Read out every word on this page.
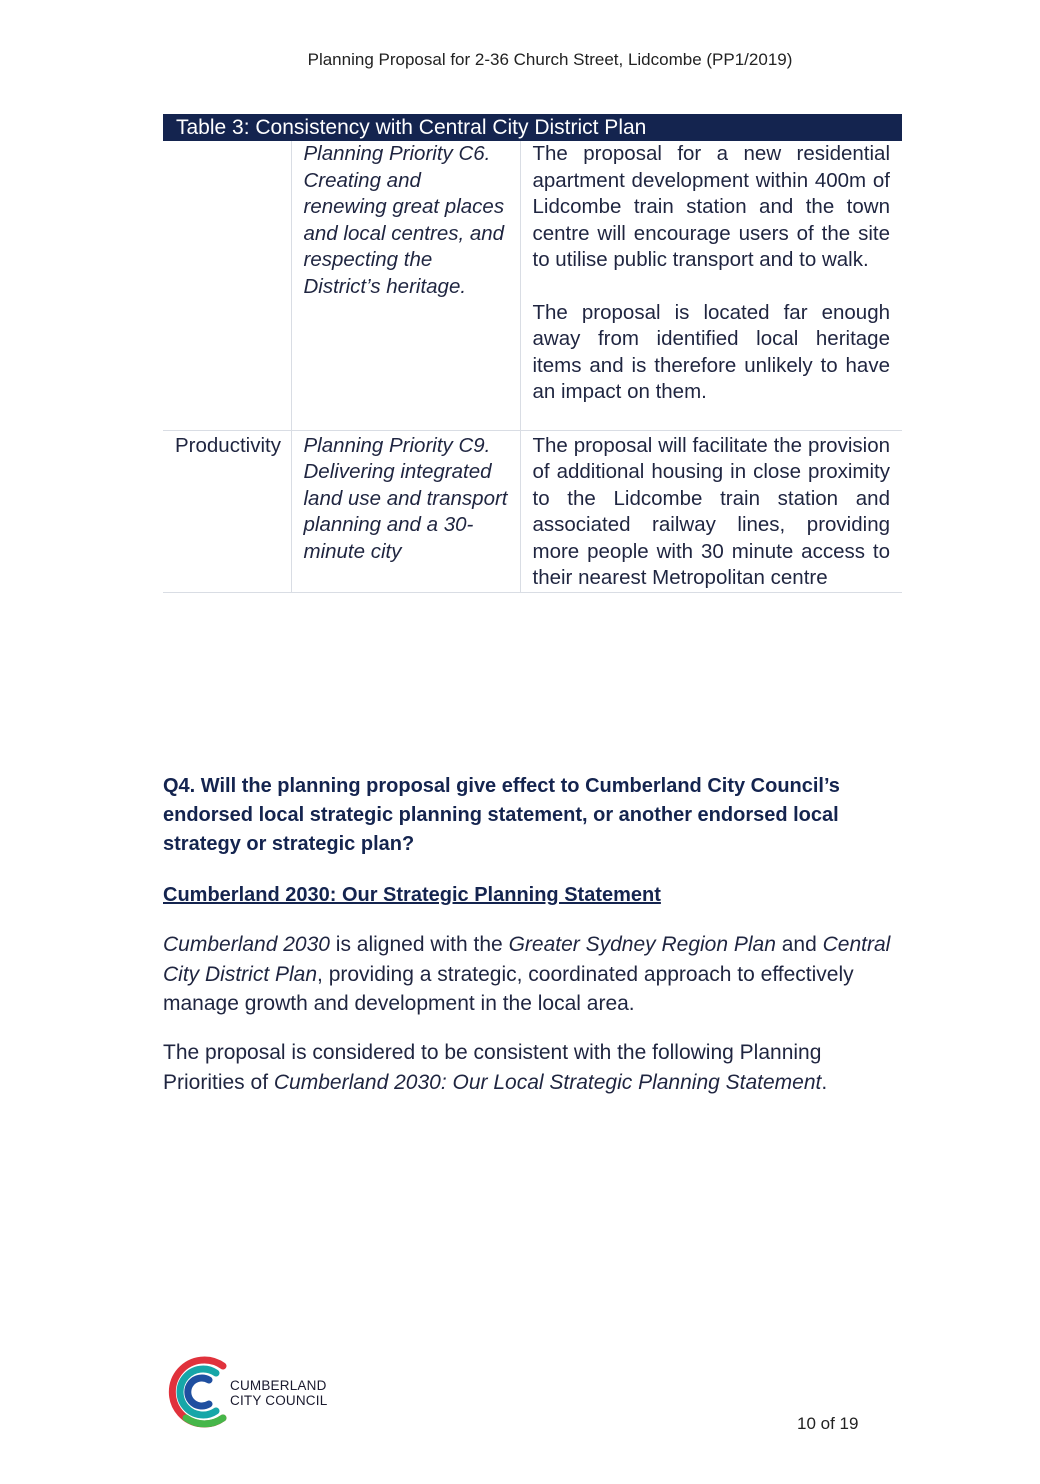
Planning Proposal for 2-36 Church Street, Lidcombe (PP1/2019)
Table 3: Consistency with Central City District Plan		
	Planning Priority C6. Creating and renewing great places and local centres, and respecting the District’s heritage.	The proposal for a new residential apartment development within 400m of Lidcombe train station and the town centre will encourage users of the site to utilise public transport and to walk.

The proposal is located far enough away from identified local heritage items and is therefore unlikely to have an impact on them.

Productivity	Planning Priority C9. Delivering integrated land use and transport planning and a 30-minute city	The proposal will facilitate the provision of additional housing in close proximity to the Lidcombe train station and associated railway lines, providing more people with 30 minute access to their nearest Metropolitan centre

Q4. Will the planning proposal give effect to Cumberland City Council’s endorsed local strategic planning statement, or another endorsed local strategy or strategic plan?

Cumberland 2030: Our Strategic Planning Statement

Cumberland 2030 is aligned with the Greater Sydney Region Plan and Central City District Plan, providing a strategic, coordinated approach to effectively manage growth and development in the local area.

The proposal is considered to be consistent with the following Planning Priorities of Cumberland 2030: Our Local Strategic Planning Statement.

CUMBERLAND
CITY COUNCIL
10 of 19
